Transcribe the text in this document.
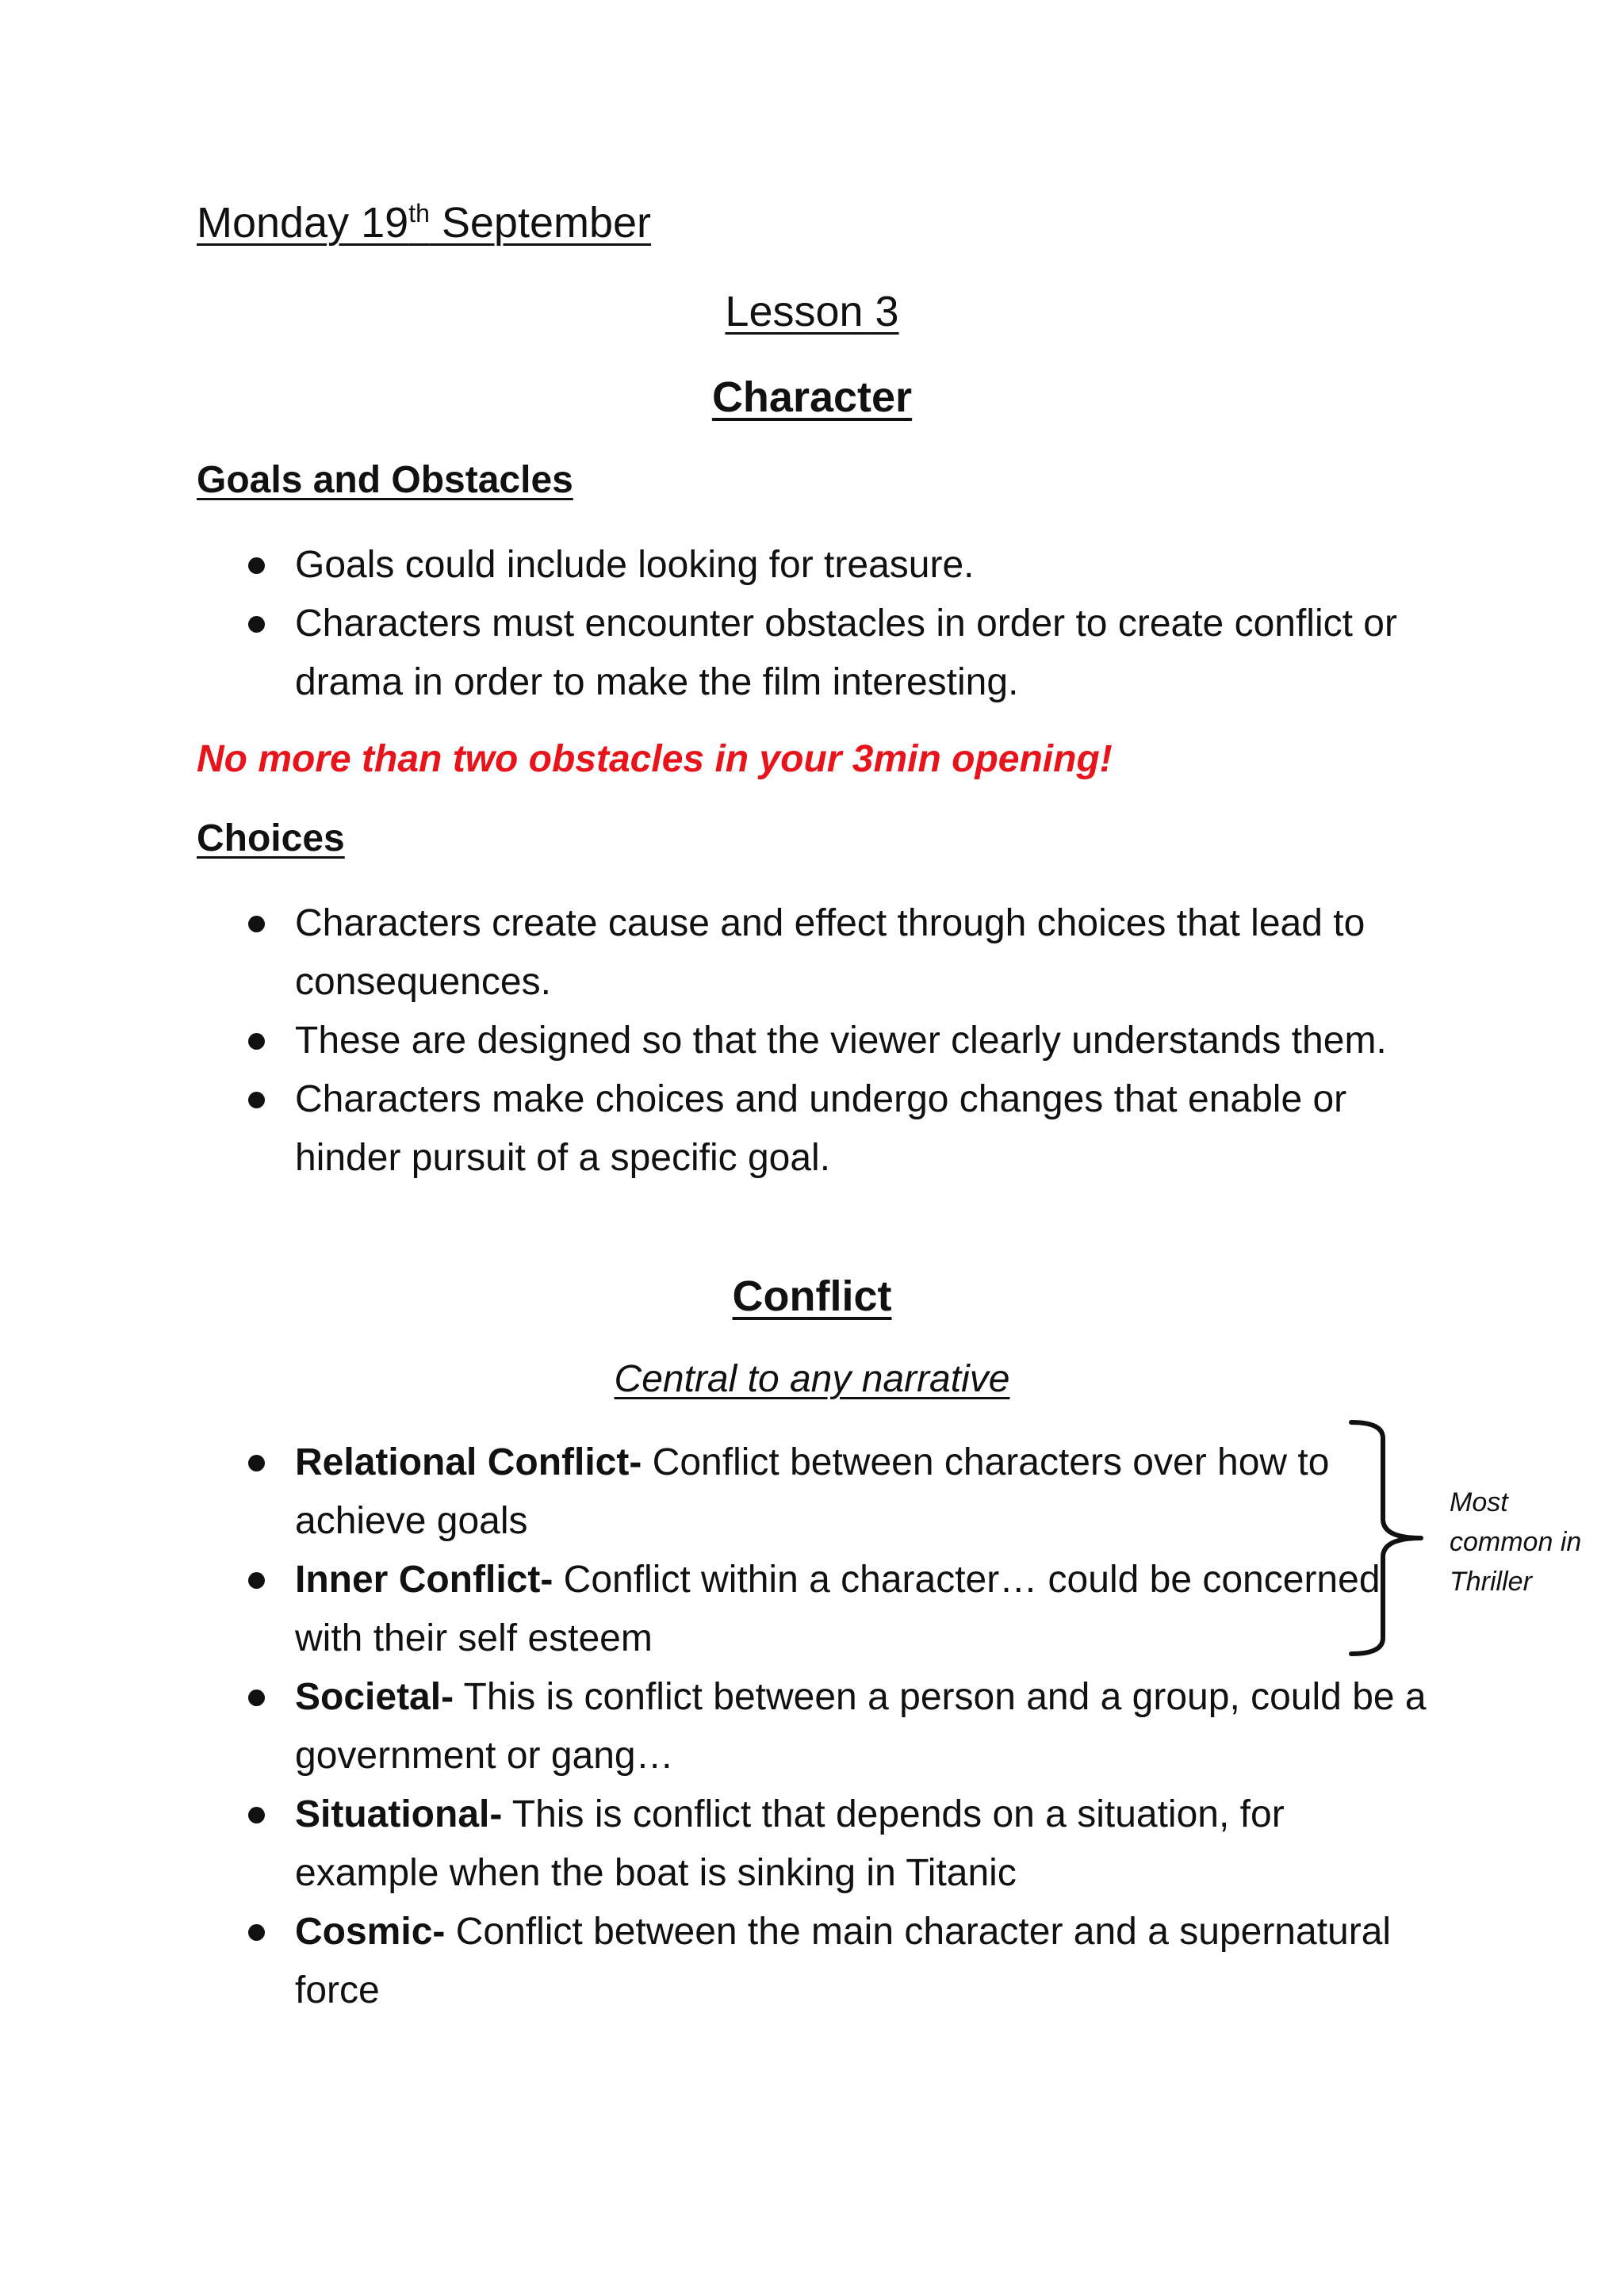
Monday 19th September
Lesson 3
Character
Goals and Obstacles
Goals could include looking for treasure.
Characters must encounter obstacles in order to create conflict or drama in order to make the film interesting.
No more than two obstacles in your 3min opening!
Choices
Characters create cause and effect through choices that lead to consequences.
These are designed so that the viewer clearly understands them.
Characters make choices and undergo changes that enable or hinder pursuit of a specific goal.
Conflict
Central to any narrative
Relational Conflict- Conflict between characters over how to achieve goals
Inner Conflict- Conflict within a character… could be concerned with their self esteem
Societal- This is conflict between a person and a group, could be a government or gang…
Situational- This is conflict that depends on a situation, for example when the boat is sinking in Titanic
Cosmic- Conflict between the main character and a supernatural force
Most common in Thriller
